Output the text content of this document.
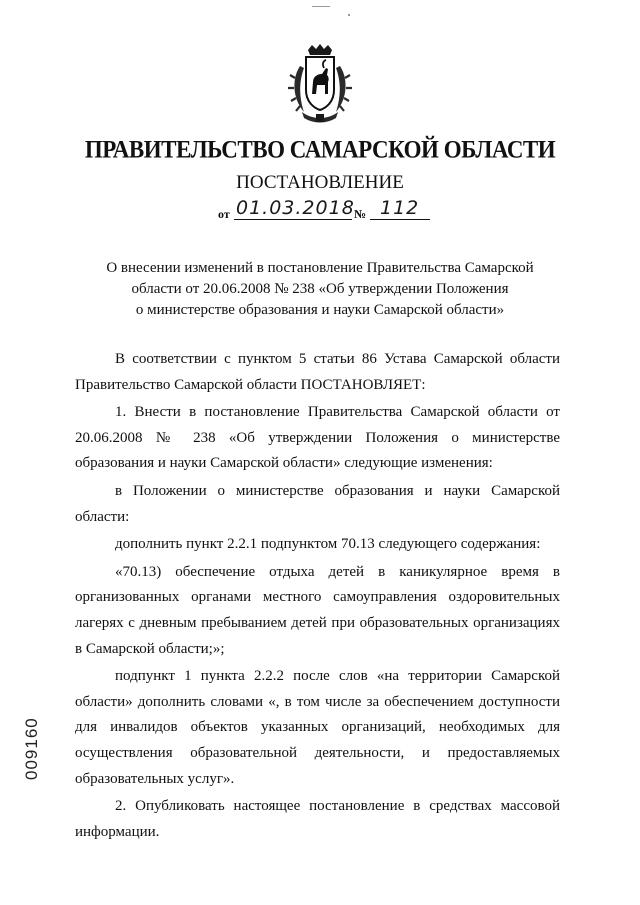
ПРАВИТЕЛЬСТВО САМАРСКОЙ ОБЛАСТИ
ПОСТАНОВЛЕНИЕ
от 01.03.2018 № 112
О внесении изменений в постановление Правительства Самарской
области от 20.06.2008 № 238 «Об утверждении Положения
о министерстве образования и науки Самарской области»

В соответствии с пунктом 5 статьи 86 Устава Самарской области Правительство Самарской области ПОСТАНОВЛЯЕТ:

1. Внести в постановление Правительства Самарской области от 20.06.2008 № 238 «Об утверждении Положения о министерстве образования и науки Самарской области» следующие изменения:

в Положении о министерстве образования и науки Самарской области:

дополнить пункт 2.2.1 подпунктом 70.13 следующего содержания:

«70.13) обеспечение отдыха детей в каникулярное время в организованных органами местного самоуправления оздоровительных лагерях с дневным пребыванием детей при образовательных организациях в Самарской области;»;

подпункт 1 пункта 2.2.2 после слов «на территории Самарской области» дополнить словами «, в том числе за обеспечением доступности для инвалидов объектов указанных организаций, необходимых для осуществления образовательной деятельности, и предоставляемых образовательных услуг».

2. Опубликовать настоящее постановление в средствах массовой информации.

009160
